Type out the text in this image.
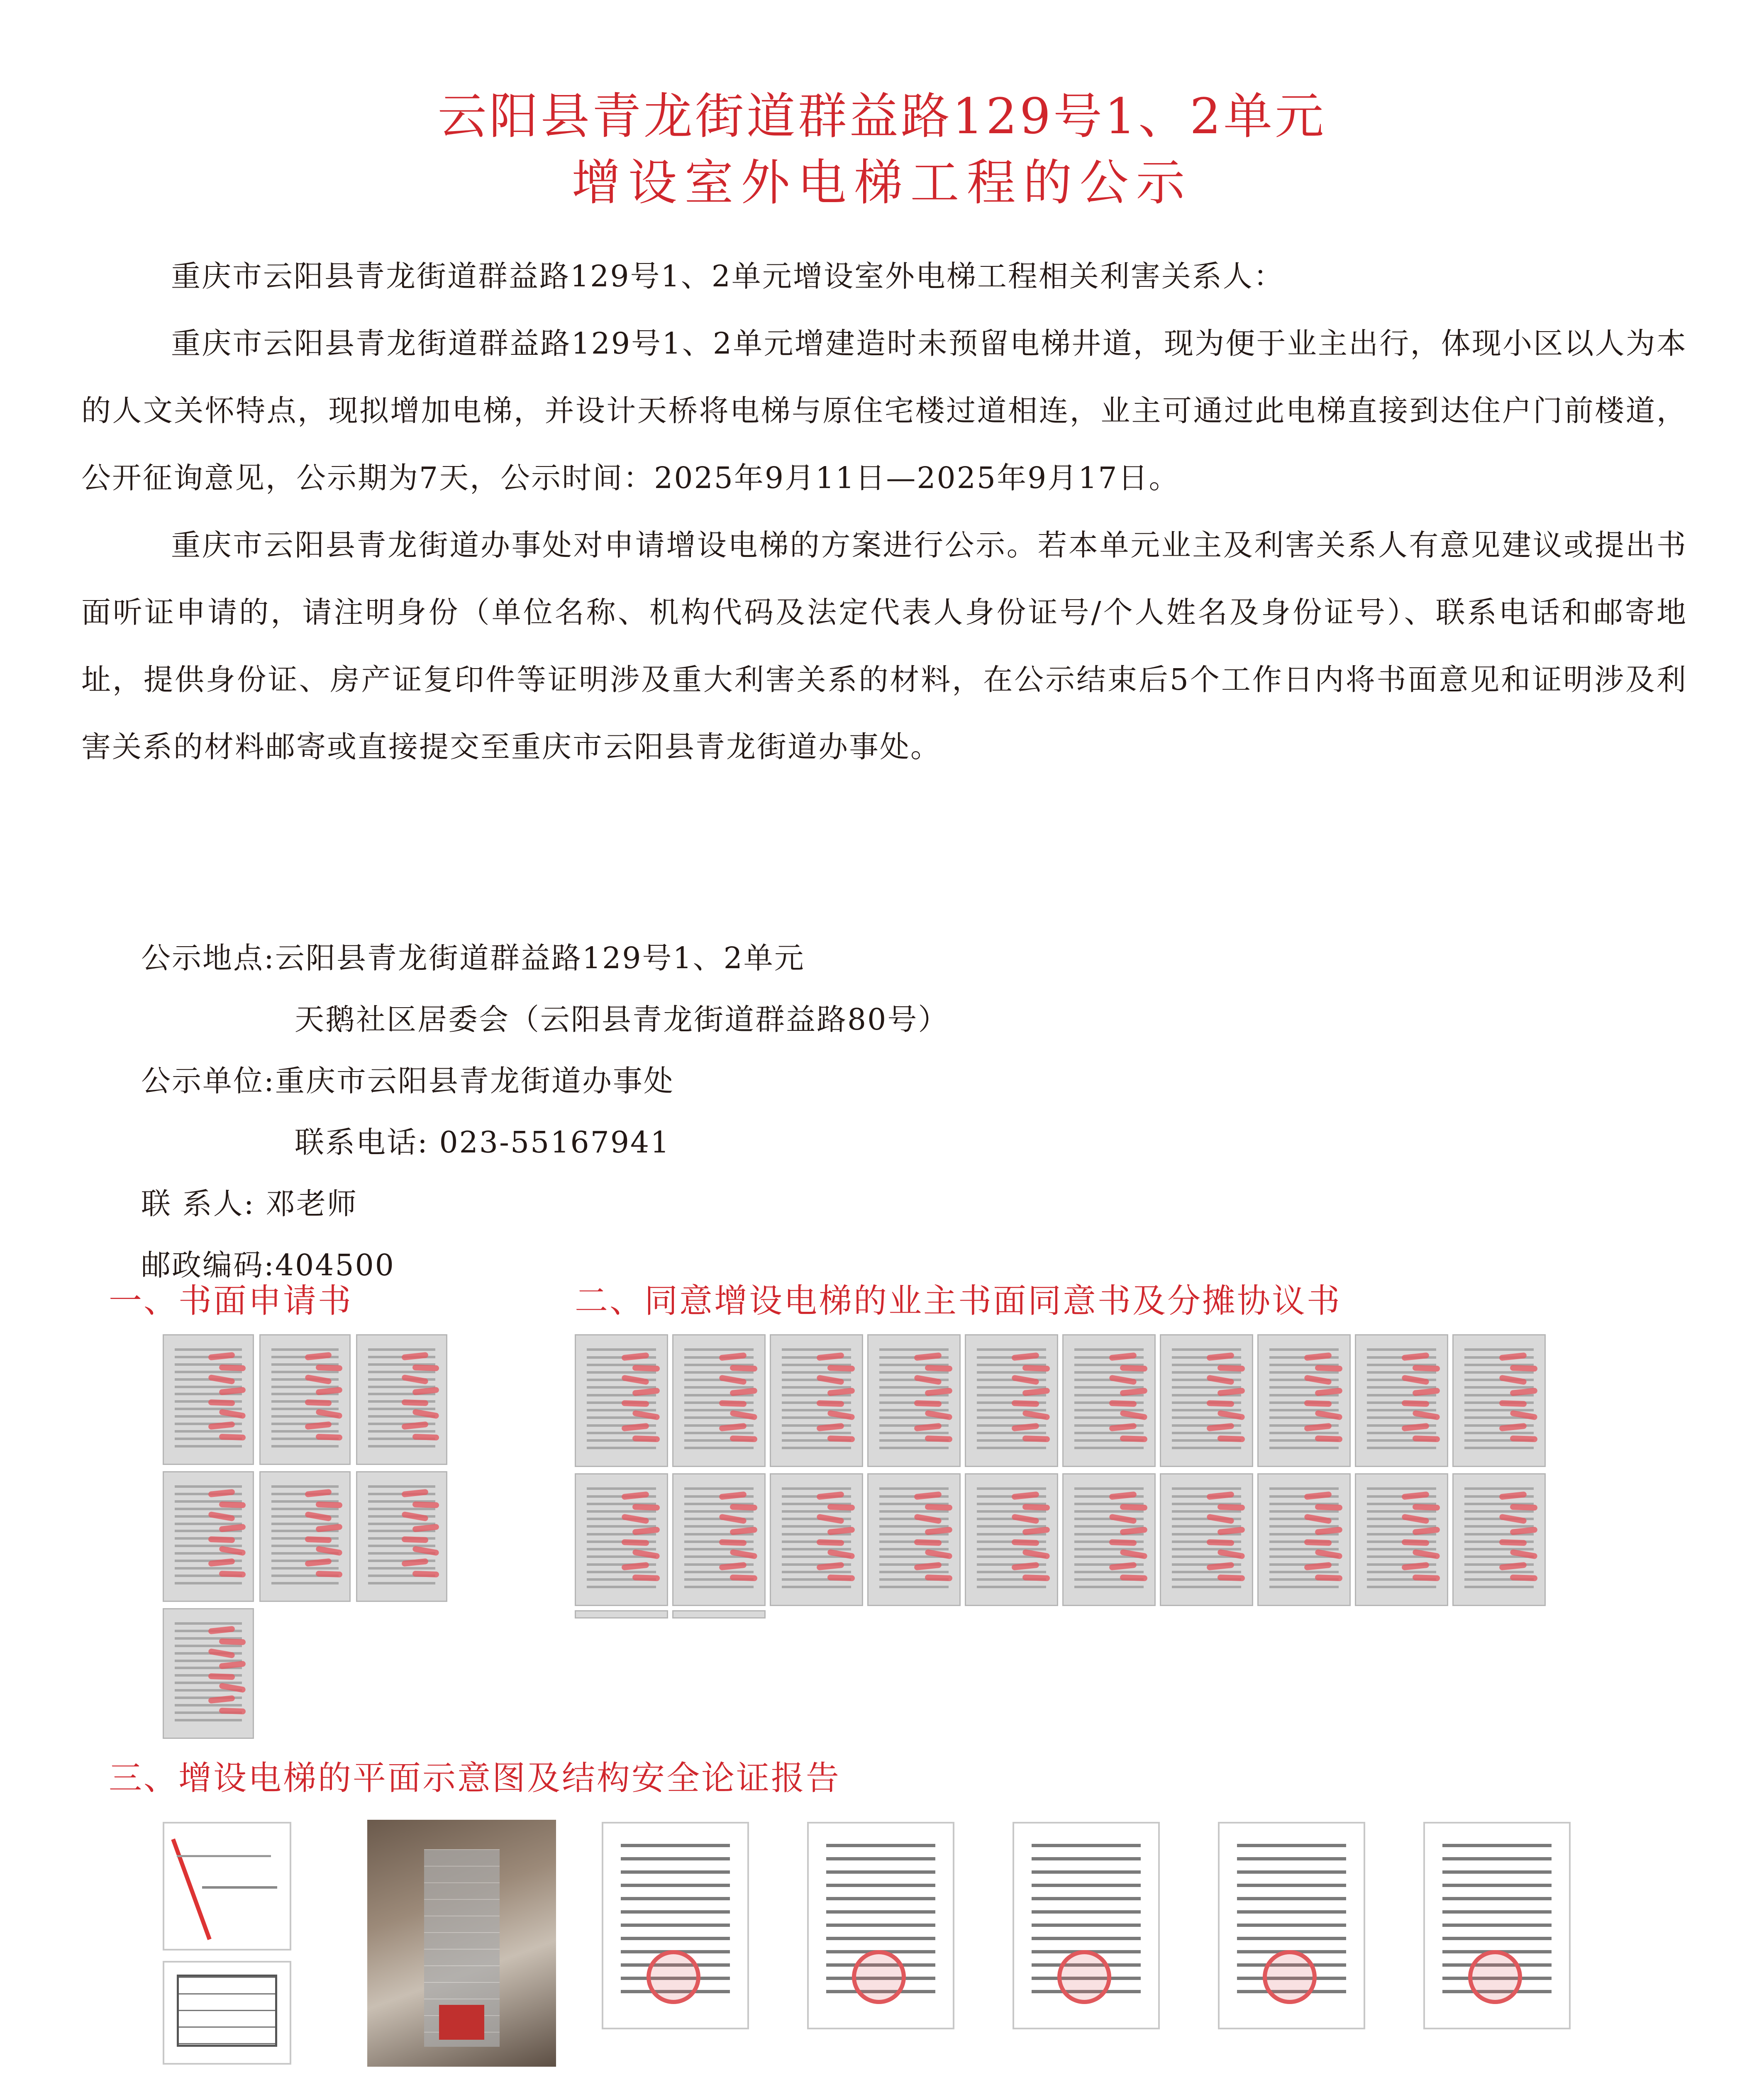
云阳县青龙街道群益路129号1、2单元
增设室外电梯工程的公示

重庆市云阳县青龙街道群益路129号1、2单元增设室外电梯工程相关利害关系人：

重庆市云阳县青龙街道群益路129号1、2单元增建造时未预留电梯井道，现为便于业主出行，体现小区以人为本的人文关怀特点，现拟增加电梯，并设计天桥将电梯与原住宅楼过道相连，业主可通过此电梯直接到达住户门前楼道，公开征询意见，公示期为7天，公示时间：2025年9月11日—2025年9月17日。

重庆市云阳县青龙街道办事处对申请增设电梯的方案进行公示。若本单元业主及利害关系人有意见建议或提出书面听证申请的，请注明身份（单位名称、机构代码及法定代表人身份证号/个人姓名及身份证号）、联系电话和邮寄地址，提供身份证、房产证复印件等证明涉及重大利害关系的材料，在公示结束后5个工作日内将书面意见和证明涉及利害关系的材料邮寄或直接提交至重庆市云阳县青龙街道办事处。

公示地点:云阳县青龙街道群益路129号1、2单元
天鹅社区居委会（云阳县青龙街道群益路80号）
公示单位:重庆市云阳县青龙街道办事处
联系电话: 023-55167941
联 系人: 邓老师
邮政编码:404500
一、书面申请书	二、同意增设电梯的业主书面同意书及分摊协议书
三、增设电梯的平面示意图及结构安全论证报告
